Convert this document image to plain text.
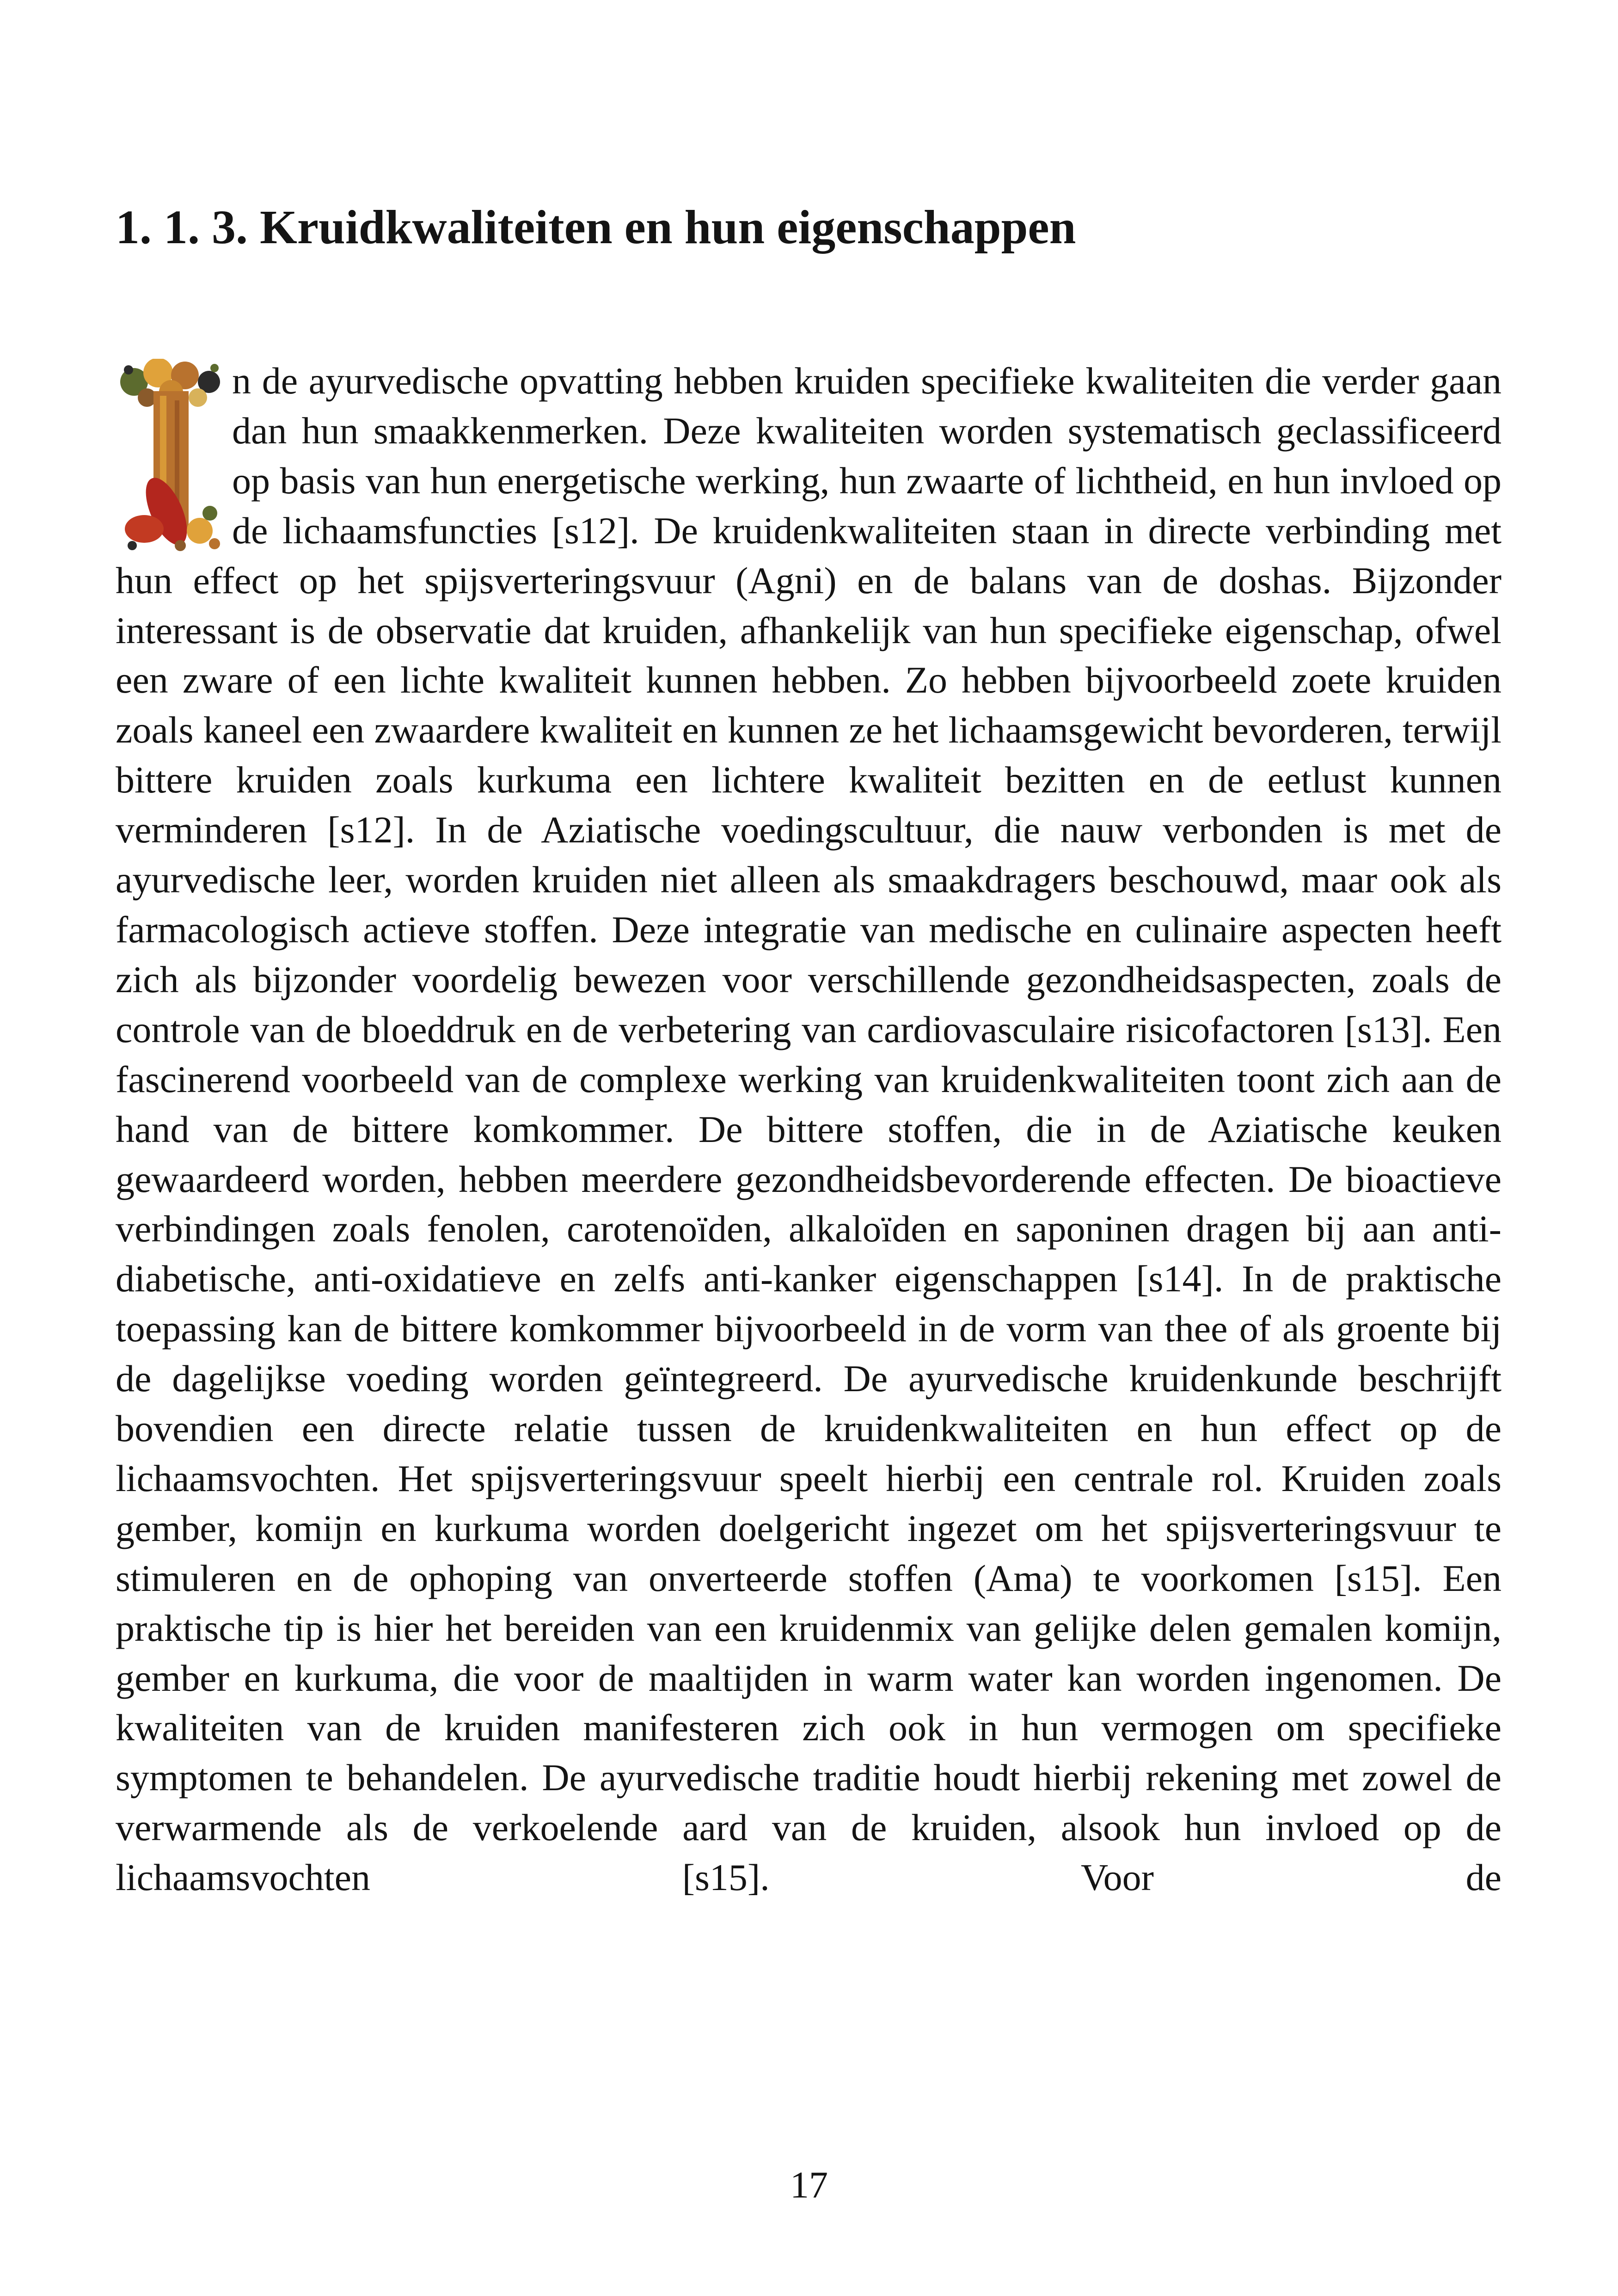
1. 1. 3. Kruidkwaliteiten en hun eigenschappen
n de ayurvedische opvatting hebben kruiden specifieke kwaliteiten die verder gaan dan hun smaakkenmerken. Deze kwaliteiten worden systematisch geclassificeerd op basis van hun energetische werking, hun zwaarte of lichtheid, en hun invloed op de lichaamsfuncties [s12]. De kruidenkwaliteiten staan in directe verbinding met hun effect op het spijsverteringsvuur (Agni) en de balans van de doshas. Bijzonder interessant is de observatie dat kruiden, afhankelijk van hun specifieke eigenschap, ofwel een zware of een lichte kwaliteit kunnen hebben. Zo hebben bijvoorbeeld zoete kruiden zoals kaneel een zwaardere kwaliteit en kunnen ze het lichaamsgewicht bevorderen, terwijl bittere kruiden zoals kurkuma een lichtere kwaliteit bezitten en de eetlust kunnen verminderen [s12]. In de Aziatische voedingscultuur, die nauw verbonden is met de ayurvedische leer, worden kruiden niet alleen als smaakdragers beschouwd, maar ook als farmacologisch actieve stoffen. Deze integratie van medische en culinaire aspecten heeft zich als bijzonder voordelig bewezen voor verschillende gezondheidsaspecten, zoals de controle van de bloeddruk en de verbetering van cardiovasculaire risicofactoren [s13]. Een fascinerend voorbeeld van de complexe werking van kruidenkwaliteiten toont zich aan de hand van de bittere komkommer. De bittere stoffen, die in de Aziatische keuken gewaardeerd worden, hebben meerdere gezondheidsbevorderende effecten. De bioactieve verbindingen zoals fenolen, carotenoïden, alkaloïden en saponinen dragen bij aan anti-diabetische, anti-oxidatieve en zelfs anti-kanker eigenschappen [s14]. In de praktische toepassing kan de bittere komkommer bijvoorbeeld in de vorm van thee of als groente bij de dagelijkse voeding worden geïntegreerd. De ayurvedische kruidenkunde beschrijft bovendien een directe relatie tussen de kruidenkwaliteiten en hun effect op de lichaamsvochten. Het spijsverteringsvuur speelt hierbij een centrale rol. Kruiden zoals gember, komijn en kurkuma worden doelgericht ingezet om het spijsverteringsvuur te stimuleren en de ophoping van onverteerde stoffen (Ama) te voorkomen [s15]. Een praktische tip is hier het bereiden van een kruidenmix van gelijke delen gemalen komijn, gember en kurkuma, die voor de maaltijden in warm water kan worden ingenomen. De kwaliteiten van de kruiden manifesteren zich ook in hun vermogen om specifieke symptomen te behandelen. De ayurvedische traditie houdt hierbij rekening met zowel de verwarmende als de verkoelende aard van de kruiden, alsook hun invloed op de lichaamsvochten [s15]. Voor de
17
